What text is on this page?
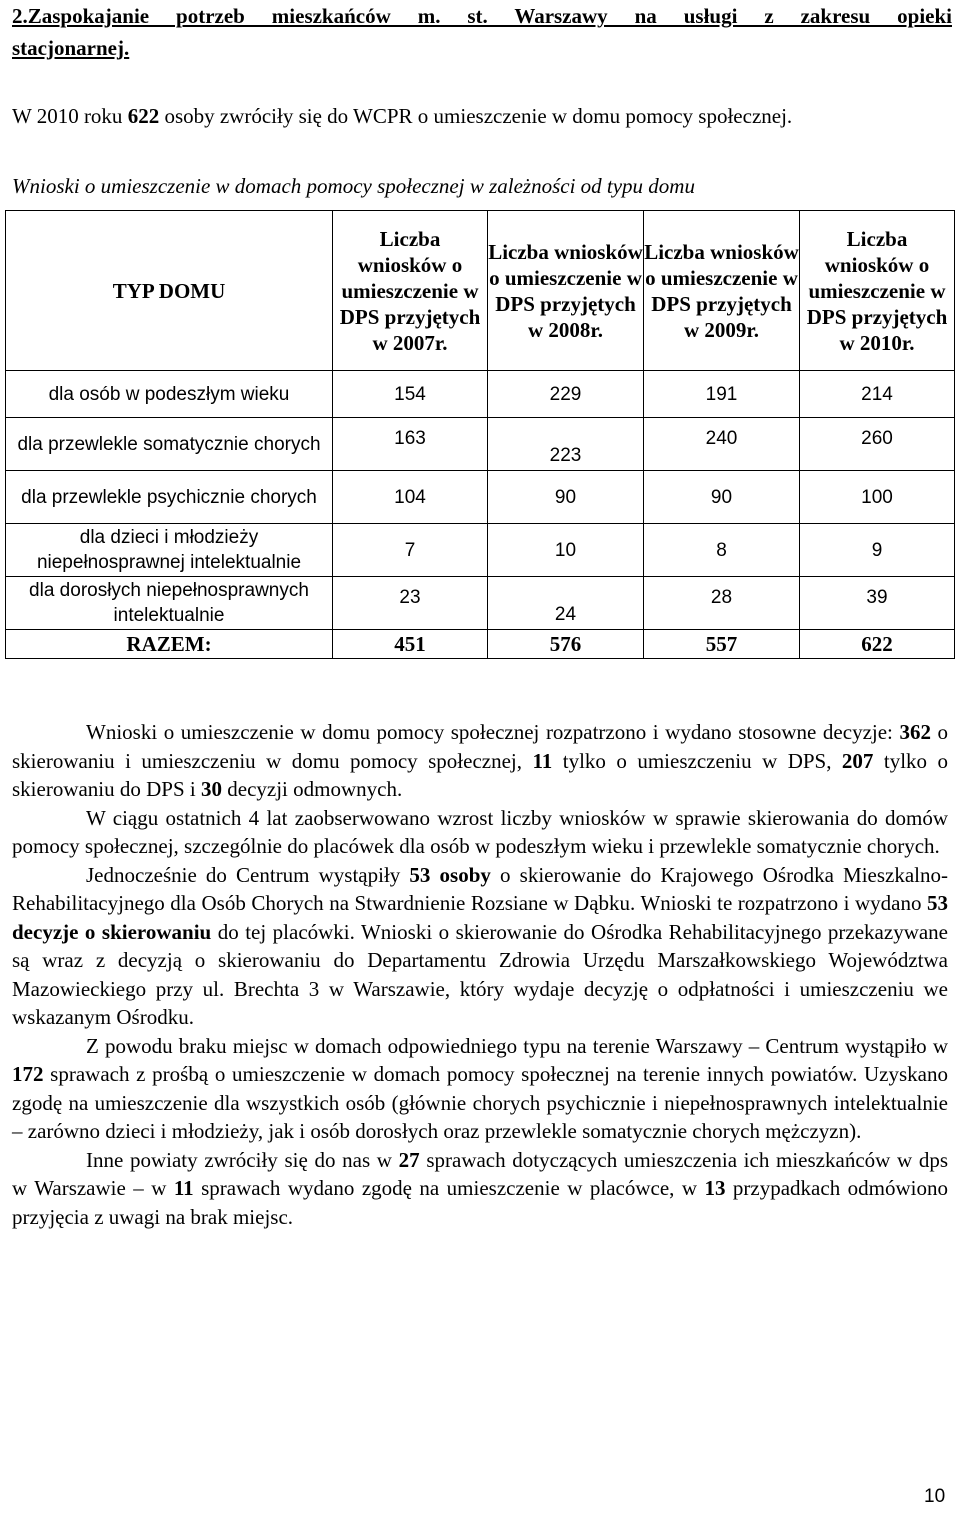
2.Zaspokajanie potrzeb mieszkańców m. st. Warszawy na usługi z zakresu opieki
stacjonarnej.
W 2010 roku 622 osoby zwróciły się do WCPR o umieszczenie w domu pomocy społecznej.
Wnioski o umieszczenie w domach pomocy społecznej w zależności od typu domu
TYP DOMU	Liczba wniosków o umieszczenie w DPS przyjętych w 2007r.	Liczba wniosków o umieszczenie w DPS przyjętych w 2008r.	Liczba wniosków o umieszczenie w DPS przyjętych w 2009r.	Liczba wniosków o umieszczenie w DPS przyjętych w 2010r.
dla osób w podeszłym wieku	154	229	191	214
dla przewlekle somatycznie chorych	163	223	240	260
dla przewlekle psychicznie chorych	104	90	90	100
dla dzieci i młodzieży niepełnosprawnej intelektualnie	7	10	8	9
dla dorosłych niepełnosprawnych intelektualnie	23	24	28	39
RAZEM:	451	576	557	622

Wnioski o umieszczenie w domu pomocy społecznej rozpatrzono i wydano stosowne decyzje: 362 o skierowaniu i umieszczeniu w domu pomocy społecznej, 11 tylko o umieszczeniu w DPS, 207 tylko o skierowaniu do DPS i 30 decyzji odmownych.

W ciągu ostatnich 4 lat zaobserwowano wzrost liczby wniosków w sprawie skierowania do domów pomocy społecznej, szczególnie do placówek dla osób w podeszłym wieku i przewlekle somatycznie chorych.

Jednocześnie do Centrum wystąpiły 53 osoby o skierowanie do Krajowego Ośrodka Mieszkalno-Rehabilitacyjnego dla Osób Chorych na Stwardnienie Rozsiane w Dąbku. Wnioski te rozpatrzono i wydano 53 decyzje o skierowaniu do tej placówki. Wnioski o skierowanie do Ośrodka Rehabilitacyjnego przekazywane są wraz z decyzją o skierowaniu do Departamentu Zdrowia Urzędu Marszałkowskiego Województwa Mazowieckiego przy ul. Brechta 3 w Warszawie, który wydaje decyzję o odpłatności i umieszczeniu we wskazanym Ośrodku.

Z powodu braku miejsc w domach odpowiedniego typu na terenie Warszawy – Centrum wystąpiło w 172 sprawach z prośbą o umieszczenie w domach pomocy społecznej na terenie innych powiatów. Uzyskano zgodę na umieszczenie dla wszystkich osób (głównie chorych psychicznie i niepełnosprawnych intelektualnie – zarówno dzieci i młodzieży, jak i osób dorosłych oraz przewlekle somatycznie chorych mężczyzn).

Inne powiaty zwróciły się do nas w 27 sprawach dotyczących umieszczenia ich mieszkańców w dps w Warszawie – w 11 sprawach wydano zgodę na umieszczenie w placówce, w 13 przypadkach odmówiono przyjęcia z uwagi na brak miejsc.

10
